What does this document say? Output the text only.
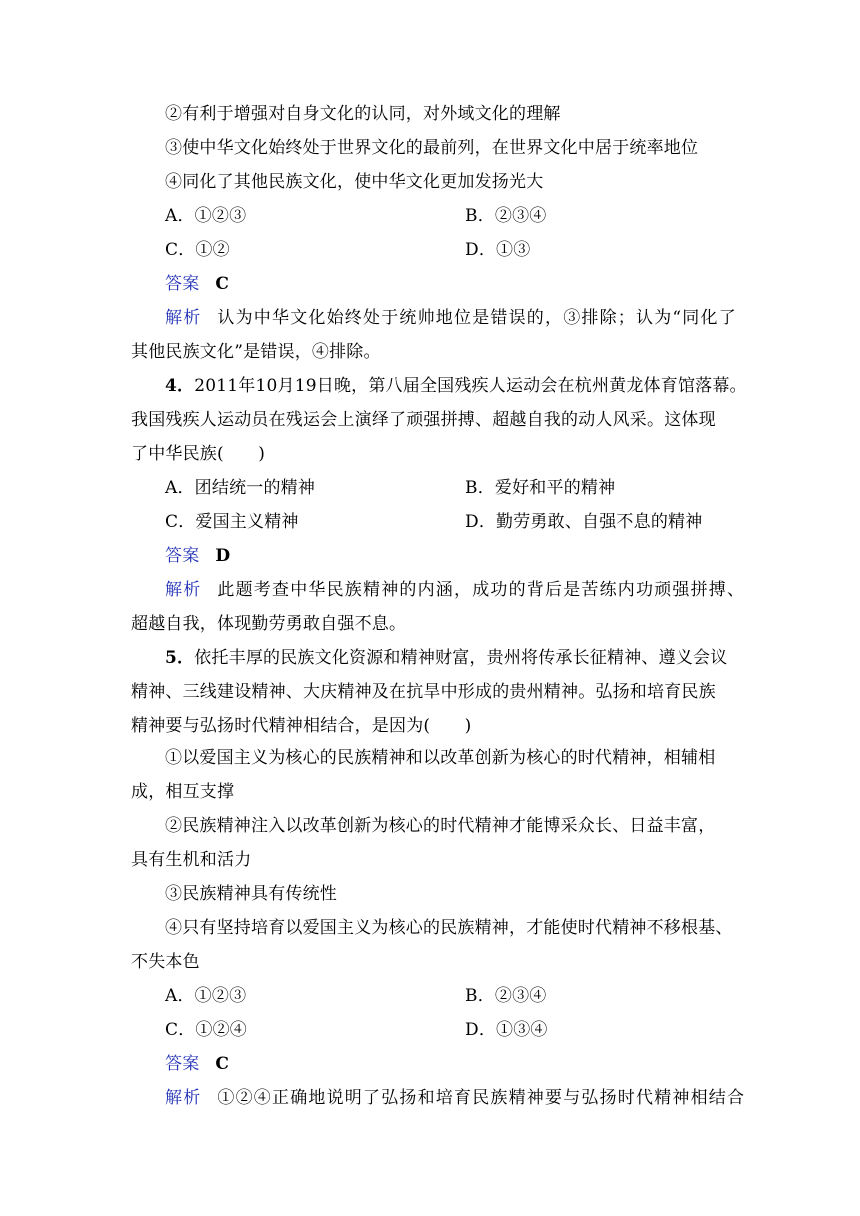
②有利于增强对自身文化的认同，对外域文化的理解
③使中华文化始终处于世界文化的最前列，在世界文化中居于统率地位
④同化了其他民族文化，使中华文化更加发扬光大
A．①②③	B．②③④
C．①②	D．①③
答案 C
解析 认为中华文化始终处于统帅地位是错误的，③排除；认为“同化了
其他民族文化”是错误，④排除。
4．2011年10月19日晚，第八届全国残疾人运动会在杭州黄龙体育馆落幕。
我国残疾人运动员在残运会上演绎了顽强拼搏、超越自我的动人风采。这体现
了中华民族(　　)
A．团结统一的精神	B．爱好和平的精神
C．爱国主义精神	D．勤劳勇敢、自强不息的精神
答案 D
解析 此题考查中华民族精神的内涵，成功的背后是苦练内功顽强拼搏、
超越自我，体现勤劳勇敢自强不息。
5．依托丰厚的民族文化资源和精神财富，贵州将传承长征精神、遵义会议
精神、三线建设精神、大庆精神及在抗旱中形成的贵州精神。弘扬和培育民族
精神要与弘扬时代精神相结合，是因为(　　)
①以爱国主义为核心的民族精神和以改革创新为核心的时代精神，相辅相
成，相互支撑
②民族精神注入以改革创新为核心的时代精神才能博采众长、日益丰富，
具有生机和活力
③民族精神具有传统性
④只有坚持培育以爱国主义为核心的民族精神，才能使时代精神不移根基、
不失本色
A．①②③	B．②③④
C．①②④	D．①③④
答案 C
解析 ①②④正确地说明了弘扬和培育民族精神要与弘扬时代精神相结合
